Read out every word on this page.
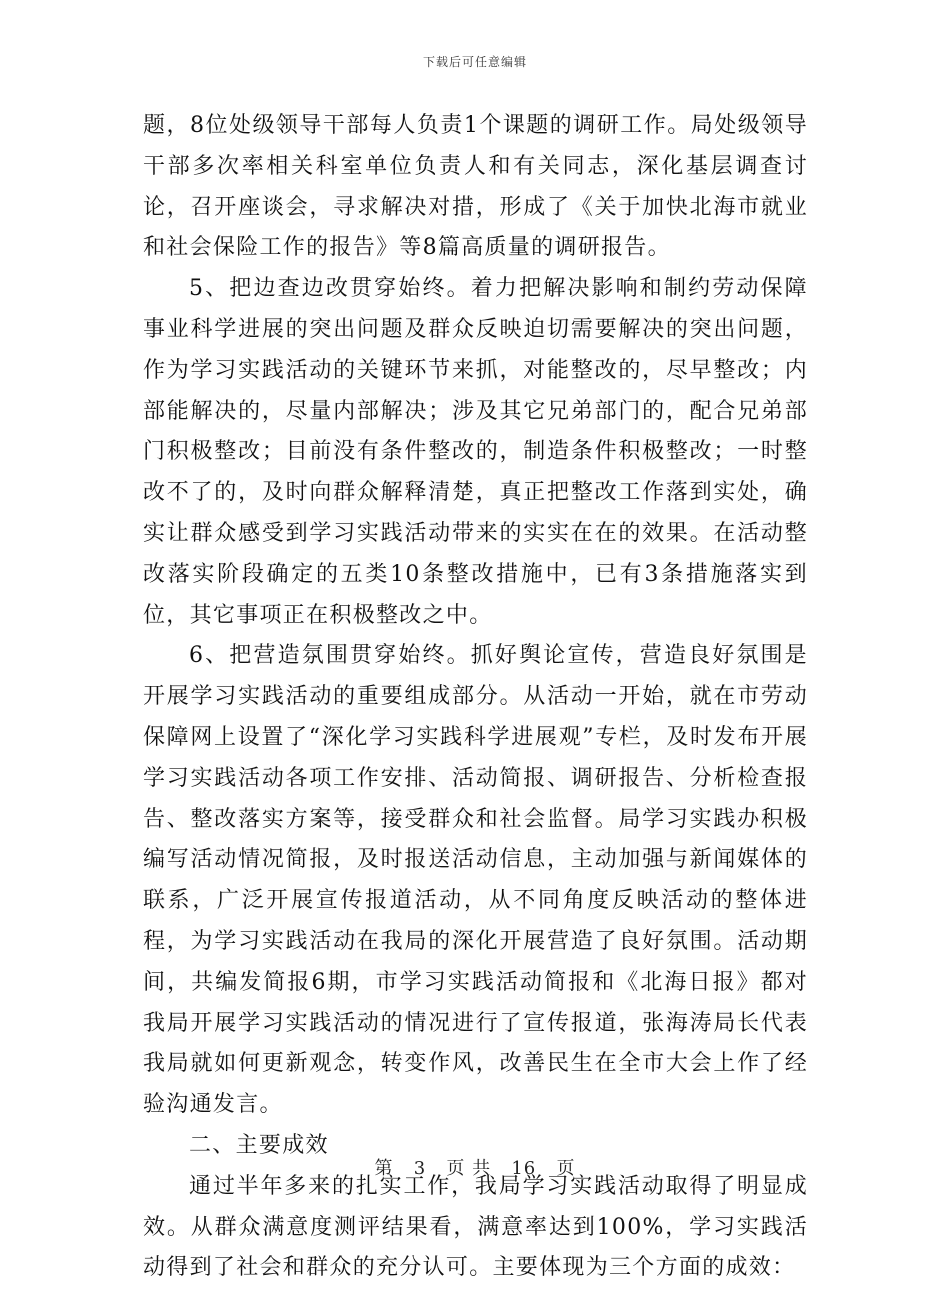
下载后可任意编辑

题，8位处级领导干部每人负责1个课题的调研工作。局处级领导干部多次率相关科室单位负责人和有关同志，深化基层调查讨论，召开座谈会，寻求解决对措，形成了《关于加快北海市就业和社会保险工作的报告》等8篇高质量的调研报告。

5、把边查边改贯穿始终。着力把解决影响和制约劳动保障事业科学进展的突出问题及群众反映迫切需要解决的突出问题，作为学习实践活动的关键环节来抓，对能整改的，尽早整改；内部能解决的，尽量内部解决；涉及其它兄弟部门的，配合兄弟部门积极整改；目前没有条件整改的，制造条件积极整改；一时整改不了的，及时向群众解释清楚，真正把整改工作落到实处，确实让群众感受到学习实践活动带来的实实在在的效果。在活动整改落实阶段确定的五类10条整改措施中，已有3条措施落实到位，其它事项正在积极整改之中。

6、把营造氛围贯穿始终。抓好舆论宣传，营造良好氛围是开展学习实践活动的重要组成部分。从活动一开始，就在市劳动保障网上设置了“深化学习实践科学进展观”专栏，及时发布开展学习实践活动各项工作安排、活动简报、调研报告、分析检查报告、整改落实方案等，接受群众和社会监督。局学习实践办积极编写活动情况简报，及时报送活动信息，主动加强与新闻媒体的联系，广泛开展宣传报道活动，从不同角度反映活动的整体进程，为学习实践活动在我局的深化开展营造了良好氛围。活动期间，共编发简报6期，市学习实践活动简报和《北海日报》都对我局开展学习实践活动的情况进行了宣传报道，张海涛局长代表我局就如何更新观念，转变作风，改善民生在全市大会上作了经验沟通发言。

二、主要成效

通过半年多来的扎实工作，我局学习实践活动取得了明显成效。从群众满意度测评结果看，满意率达到100%，学习实践活动得到了社会和群众的充分认可。主要体现为三个方面的成效：

第 3 页 共 16 页
